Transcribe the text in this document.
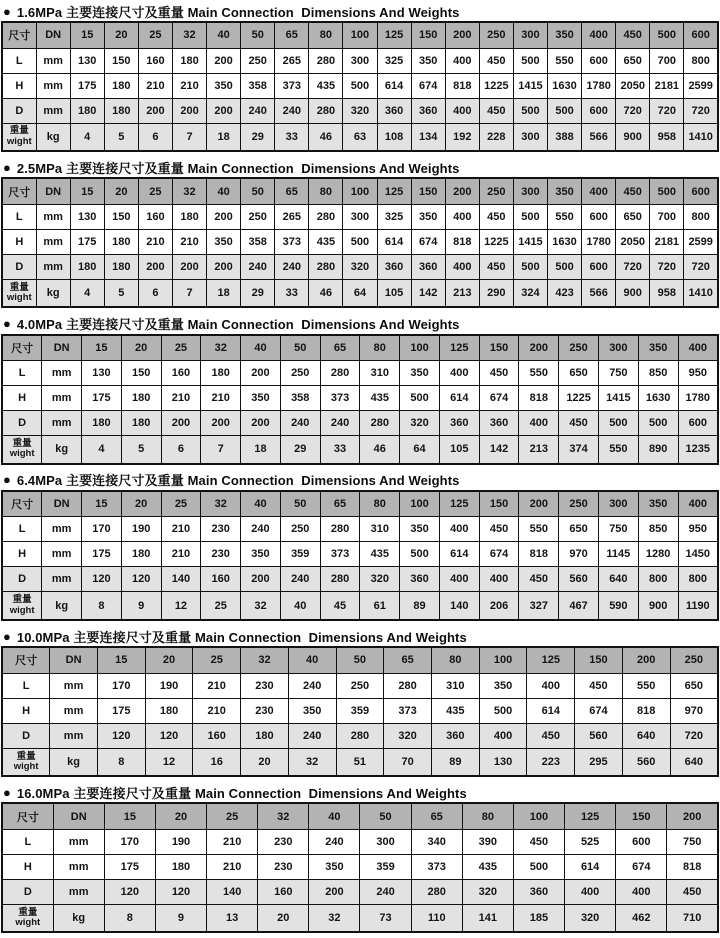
● 1.6MPa 主要连接尺寸及重量 Main Connection  Dimensions And Weights
尺寸	DN	15	20	25	32	40	50	65	80	100	125	150	200	250	300	350	400	450	500	600
L	mm	130	150	160	180	200	250	265	280	300	325	350	400	450	500	550	600	650	700	800
H	mm	175	180	210	210	350	358	373	435	500	614	674	818	1225	1415	1630	1780	2050	2181	2599
D	mm	180	180	200	200	200	240	240	280	320	360	360	400	450	500	500	600	720	720	720

重量
wight	kg	4	5	6	7	18	29	33	46	63	108	134	192	228	300	388	566	900	958	1410
● 2.5MPa 主要连接尺寸及重量 Main Connection  Dimensions And Weights
尺寸	DN	15	20	25	32	40	50	65	80	100	125	150	200	250	300	350	400	450	500	600
L	mm	130	150	160	180	200	250	265	280	300	325	350	400	450	500	550	600	650	700	800
H	mm	175	180	210	210	350	358	373	435	500	614	674	818	1225	1415	1630	1780	2050	2181	2599
D	mm	180	180	200	200	200	240	240	280	320	360	360	400	450	500	500	600	720	720	720

重量
wight	kg	4	5	6	7	18	29	33	46	64	105	142	213	290	324	423	566	900	958	1410
● 4.0MPa 主要连接尺寸及重量 Main Connection  Dimensions And Weights
尺寸	DN	15	20	25	32	40	50	65	80	100	125	150	200	250	300	350	400
L	mm	130	150	160	180	200	250	280	310	350	400	450	550	650	750	850	950
H	mm	175	180	210	210	350	358	373	435	500	614	674	818	1225	1415	1630	1780
D	mm	180	180	200	200	200	240	240	280	320	360	360	400	450	500	500	600

重量
wight	kg	4	5	6	7	18	29	33	46	64	105	142	213	374	550	890	1235
● 6.4MPa 主要连接尺寸及重量 Main Connection  Dimensions And Weights
尺寸	DN	15	20	25	32	40	50	65	80	100	125	150	200	250	300	350	400
L	mm	170	190	210	230	240	250	280	310	350	400	450	550	650	750	850	950
H	mm	175	180	210	230	350	359	373	435	500	614	674	818	970	1145	1280	1450
D	mm	120	120	140	160	200	240	280	320	360	400	400	450	560	640	800	800

重量
wight	kg	8	9	12	25	32	40	45	61	89	140	206	327	467	590	900	1190
● 10.0MPa 主要连接尺寸及重量 Main Connection  Dimensions And Weights
尺寸	DN	15	20	25	32	40	50	65	80	100	125	150	200	250
L	mm	170	190	210	230	240	250	280	310	350	400	450	550	650
H	mm	175	180	210	230	350	359	373	435	500	614	674	818	970
D	mm	120	120	160	180	240	280	320	360	400	450	560	640	720

重量
wight	kg	8	12	16	20	32	51	70	89	130	223	295	560	640
● 16.0MPa 主要连接尺寸及重量 Main Connection  Dimensions And Weights
尺寸	DN	15	20	25	32	40	50	65	80	100	125	150	200
L	mm	170	190	210	230	240	300	340	390	450	525	600	750
H	mm	175	180	210	230	350	359	373	435	500	614	674	818
D	mm	120	120	140	160	200	240	280	320	360	400	400	450

重量
wight	kg	8	9	13	20	32	73	110	141	185	320	462	710
